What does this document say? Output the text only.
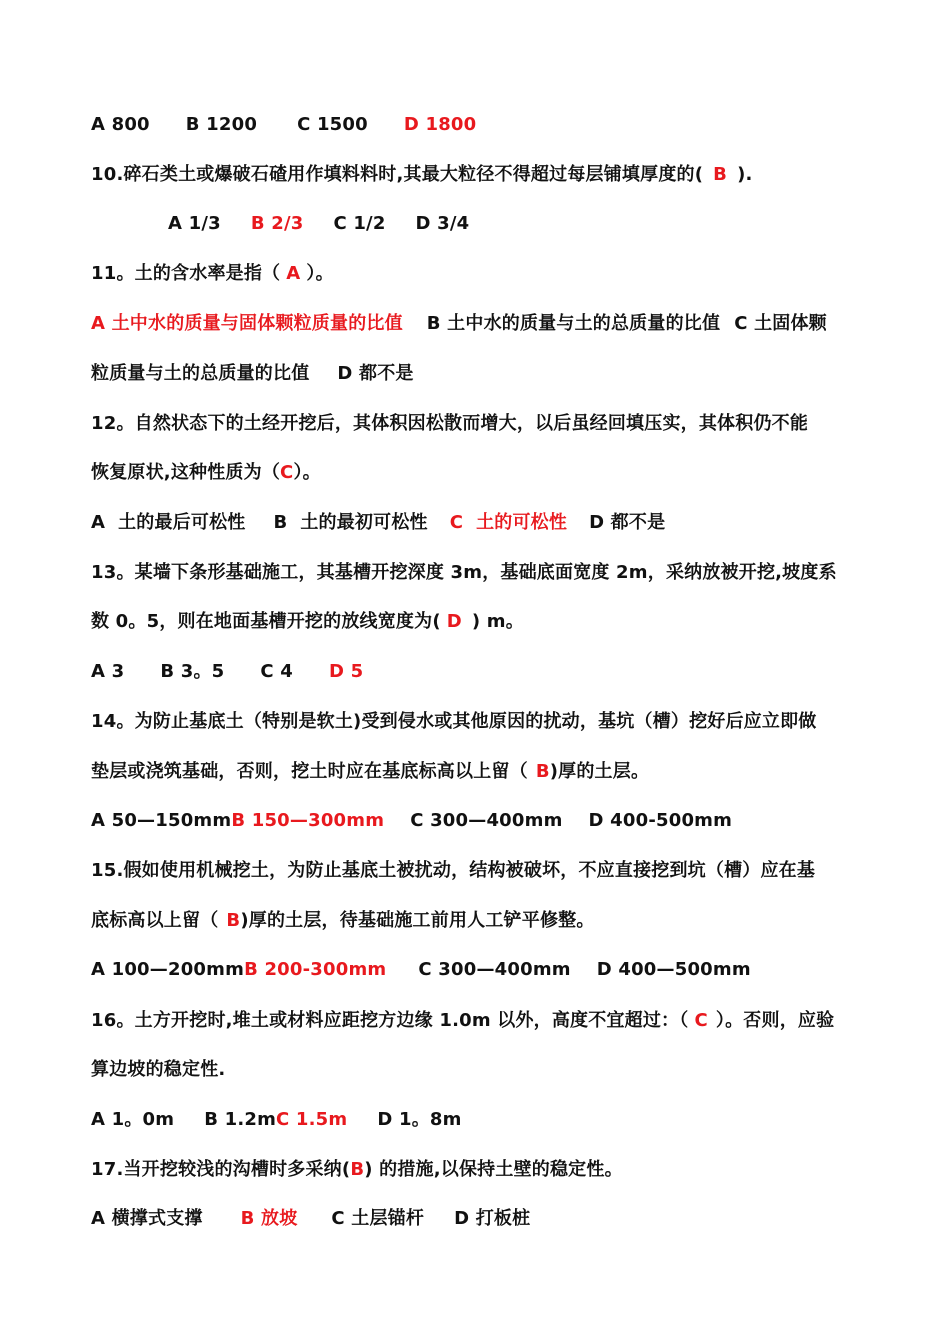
A 800 B 1200 C 1500 D 1800
10.碎石类土或爆破石碴用作填料料时,其最大粒径不得超过每层铺填厚度的( B ).
A 1/3 B 2/3 C 1/2 D 3/4
11。土的含水率是指（ A ）。
A 土中水的质量与固体颗粒质量的比值 B 土中水的质量与土的总质量的比值 C 土固体颗
粒质量与土的总质量的比值 D 都不是
12。自然状态下的土经开挖后，其体积因松散而增大，以后虽经回填压实，其体积仍不能
恢复原状,这种性质为（C）。
A  土的最后可松性 B  土的最初可松性 C  土的可松性 D 都不是
13。某墙下条形基础施工，其基槽开挖深度 3m，基础底面宽度 2m，采纳放被开挖,坡度系
数 0。5，则在地面基槽开挖的放线宽度为( D ) m。
A 3 B 3。5 C 4 D 5
14。为防止基底土（特别是软土)受到侵水或其他原因的扰动，基坑（槽）挖好后应立即做
垫层或浇筑基础，否则，挖土时应在基底标高以上留（ B)厚的土层。
A 50—150mmB 150—300mm C 300—400mm D 400-500mm
15.假如使用机械挖土，为防止基底土被扰动，结构被破坏，不应直接挖到坑（槽）应在基
底标高以上留（ B)厚的土层，待基础施工前用人工铲平修整。
A 100—200mmB 200-300mm C 300—400mm D 400—500mm
16。土方开挖时,堆土或材料应距挖方边缘 1.0m 以外，高度不宜超过：（ C ）。否则，应验
算边坡的稳定性.
A 1。0m B 1.2mC 1.5m D 1。8m
17.当开挖较浅的沟槽时多采纳(B) 的措施,以保持土壁的稳定性。
A 横撑式支撑 B 放坡 C 土层锚杆 D 打板桩
